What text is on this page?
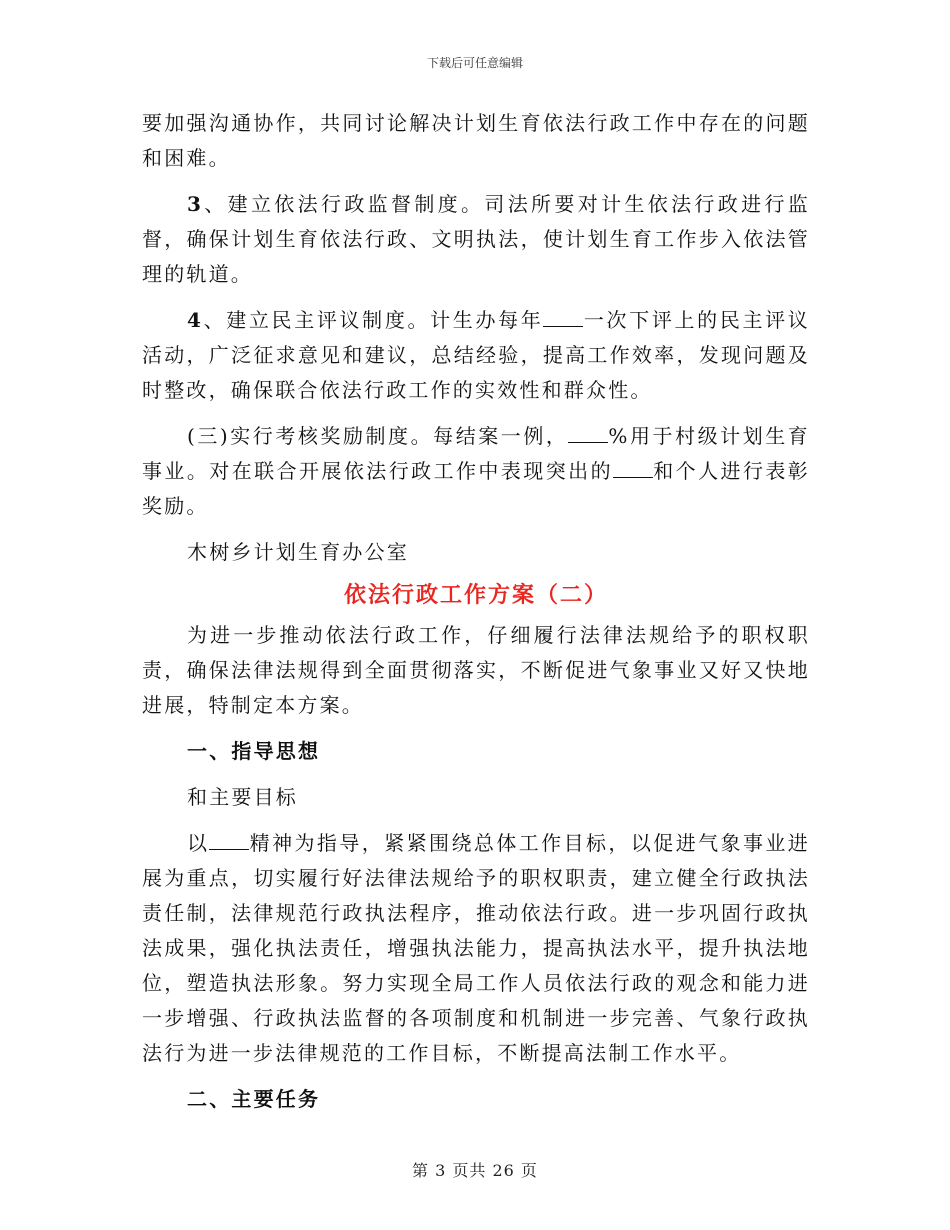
下载后可任意编辑

要加强沟通协作，共同讨论解决计划生育依法行政工作中存在的问题和困难。

3、建立依法行政监督制度。司法所要对计生依法行政进行监督，确保计划生育依法行政、文明执法，使计划生育工作步入依法管理的轨道。

4、建立民主评议制度。计生办每年 一次下评上的民主评议活动，广泛征求意见和建议，总结经验，提高工作效率，发现问题及时整改，确保联合依法行政工作的实效性和群众性。

(三)实行考核奖励制度。每结案一例， %用于村级计划生育事业。对在联合开展依法行政工作中表现突出的 和个人进行表彰奖励。

木树乡计划生育办公室

依法行政工作方案（二）

为进一步推动依法行政工作，仔细履行法律法规给予的职权职责，确保法律法规得到全面贯彻落实，不断促进气象事业又好又快地进展，特制定本方案。

一、指导思想

和主要目标

以 精神为指导，紧紧围绕总体工作目标，以促进气象事业进展为重点，切实履行好法律法规给予的职权职责，建立健全行政执法责任制，法律规范行政执法程序，推动依法行政。进一步巩固行政执法成果，强化执法责任，增强执法能力，提高执法水平，提升执法地位，塑造执法形象。努力实现全局工作人员依法行政的观念和能力进一步增强、行政执法监督的各项制度和机制进一步完善、气象行政执法行为进一步法律规范的工作目标，不断提高法制工作水平。

二、主要任务

第 3 页共 26 页
